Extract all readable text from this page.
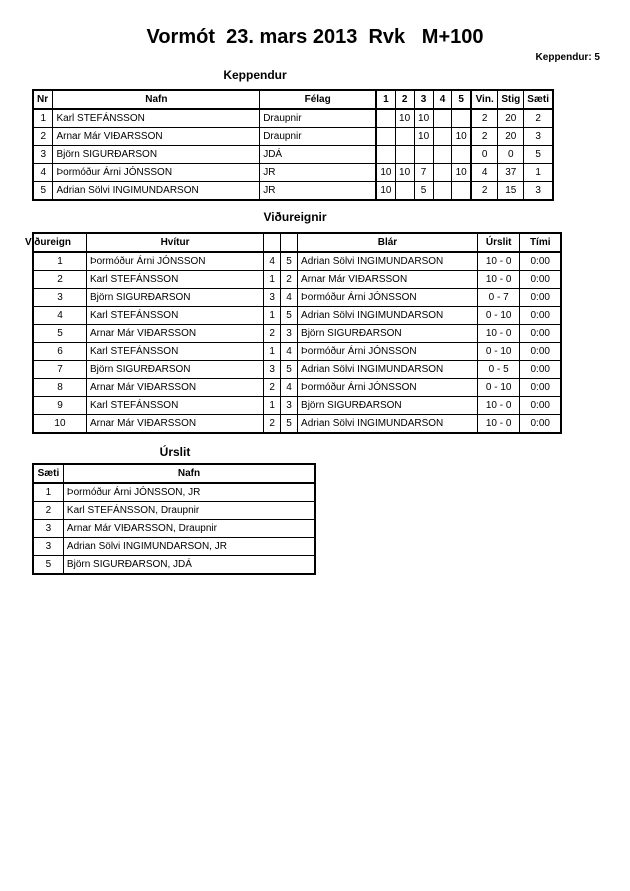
Vormót  23. mars 2013  Rvk   M+100
Keppendur: 5
Keppendur
Nr	Nafn	Félag	1	2	3	4	5	Vin.	Stig	Sæti
1	Karl STEFÁNSSON	Draupnir		10	10			2	20	2
2	Arnar Már VIÐARSSON	Draupnir			10		10	2	20	3
3	Björn SIGURÐARSON	JDÁ						0	0	5
4	Þormóður Árni JÓNSSON	JR	10	10	7		10	4	37	1
5	Adrian Sölvi INGIMUNDARSON	JR	10		5			2	15	3
Viðureignir
Viðureign	Hvítur			Blár	Úrslit	Tími
1	Þormóður Árni JÓNSSON	4	5	Adrian Sölvi INGIMUNDARSON	10 - 0	0:00
2	Karl STEFÁNSSON	1	2	Arnar Már VIÐARSSON	10 - 0	0:00
3	Björn SIGURÐARSON	3	4	Þormóður Árni JÓNSSON	0 - 7	0:00
4	Karl STEFÁNSSON	1	5	Adrian Sölvi INGIMUNDARSON	0 - 10	0:00
5	Arnar Már VIÐARSSON	2	3	Björn SIGURÐARSON	10 - 0	0:00
6	Karl STEFÁNSSON	1	4	Þormóður Árni JÓNSSON	0 - 10	0:00
7	Björn SIGURÐARSON	3	5	Adrian Sölvi INGIMUNDARSON	0 - 5	0:00
8	Arnar Már VIÐARSSON	2	4	Þormóður Árni JÓNSSON	0 - 10	0:00
9	Karl STEFÁNSSON	1	3	Björn SIGURÐARSON	10 - 0	0:00
10	Arnar Már VIÐARSSON	2	5	Adrian Sölvi INGIMUNDARSON	10 - 0	0:00
Úrslit
Sæti	Nafn
1	Þormóður Árni JÓNSSON, JR
2	Karl STEFÁNSSON, Draupnir
3	Arnar Már VIÐARSSON, Draupnir
3	Adrian Sölvi INGIMUNDARSON, JR
5	Björn SIGURÐARSON, JDÁ
